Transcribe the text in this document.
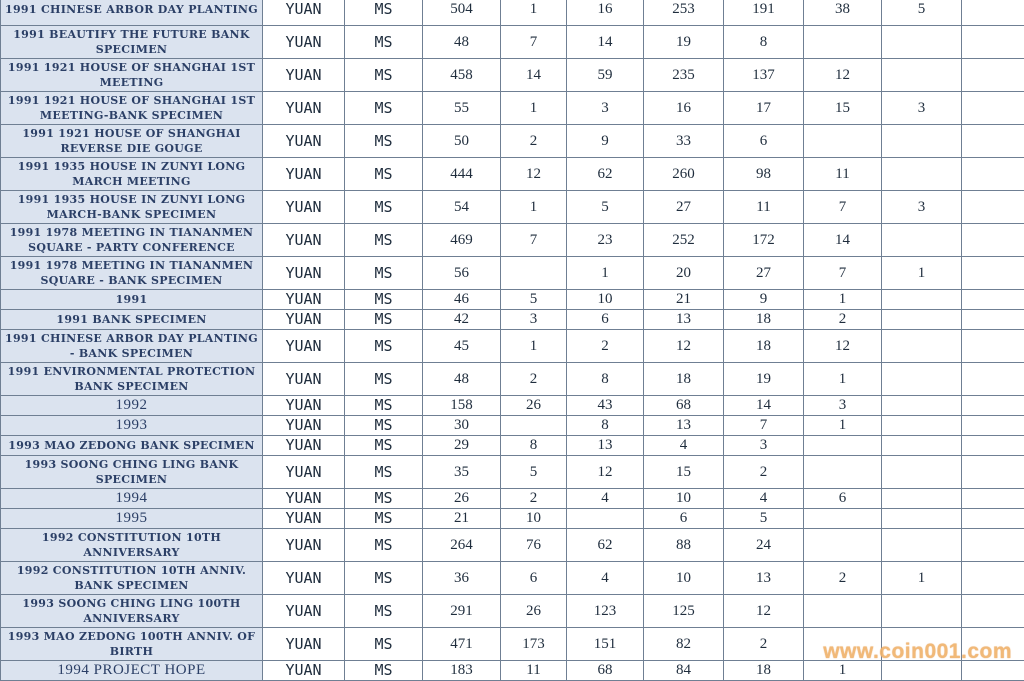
1991 CHINESE ARBOR DAY PLANTING	YUAN	MS	504	1	16	253	191	38	5	
1991 BEAUTIFY THE FUTURE BANK SPECIMEN	YUAN	MS	48	7	14	19	8			
1991 1921 HOUSE OF SHANGHAI 1ST MEETING	YUAN	MS	458	14	59	235	137	12		
1991 1921 HOUSE OF SHANGHAI 1ST MEETING-BANK SPECIMEN	YUAN	MS	55	1	3	16	17	15	3	
1991 1921 HOUSE OF SHANGHAI REVERSE DIE GOUGE	YUAN	MS	50	2	9	33	6			
1991 1935 HOUSE IN ZUNYI LONG MARCH MEETING	YUAN	MS	444	12	62	260	98	11		
1991 1935 HOUSE IN ZUNYI LONG MARCH-BANK SPECIMEN	YUAN	MS	54	1	5	27	11	7	3	
1991 1978 MEETING IN TIANANMEN SQUARE - PARTY CONFERENCE	YUAN	MS	469	7	23	252	172	14		
1991 1978 MEETING IN TIANANMEN SQUARE - BANK SPECIMEN	YUAN	MS	56		1	20	27	7	1	
1991	YUAN	MS	46	5	10	21	9	1		
1991 BANK SPECIMEN	YUAN	MS	42	3	6	13	18	2		
1991 CHINESE ARBOR DAY PLANTING - BANK SPECIMEN	YUAN	MS	45	1	2	12	18	12		
1991 ENVIRONMENTAL PROTECTION BANK SPECIMEN	YUAN	MS	48	2	8	18	19	1		
1992	YUAN	MS	158	26	43	68	14	3		
1993	YUAN	MS	30		8	13	7	1		
1993 MAO ZEDONG BANK SPECIMEN	YUAN	MS	29	8	13	4	3			
1993 SOONG CHING LING BANK SPECIMEN	YUAN	MS	35	5	12	15	2			
1994	YUAN	MS	26	2	4	10	4	6		
1995	YUAN	MS	21	10		6	5			
1992 CONSTITUTION 10TH ANNIVERSARY	YUAN	MS	264	76	62	88	24			
1992 CONSTITUTION 10TH ANNIV. BANK SPECIMEN	YUAN	MS	36	6	4	10	13	2	1	
1993 SOONG CHING LING 100TH ANNIVERSARY	YUAN	MS	291	26	123	125	12			
1993 MAO ZEDONG 100TH ANNIV. OF BIRTH	YUAN	MS	471	173	151	82	2			
1994 PROJECT HOPE	YUAN	MS	183	11	68	84	18	1		
www.coin001.com
